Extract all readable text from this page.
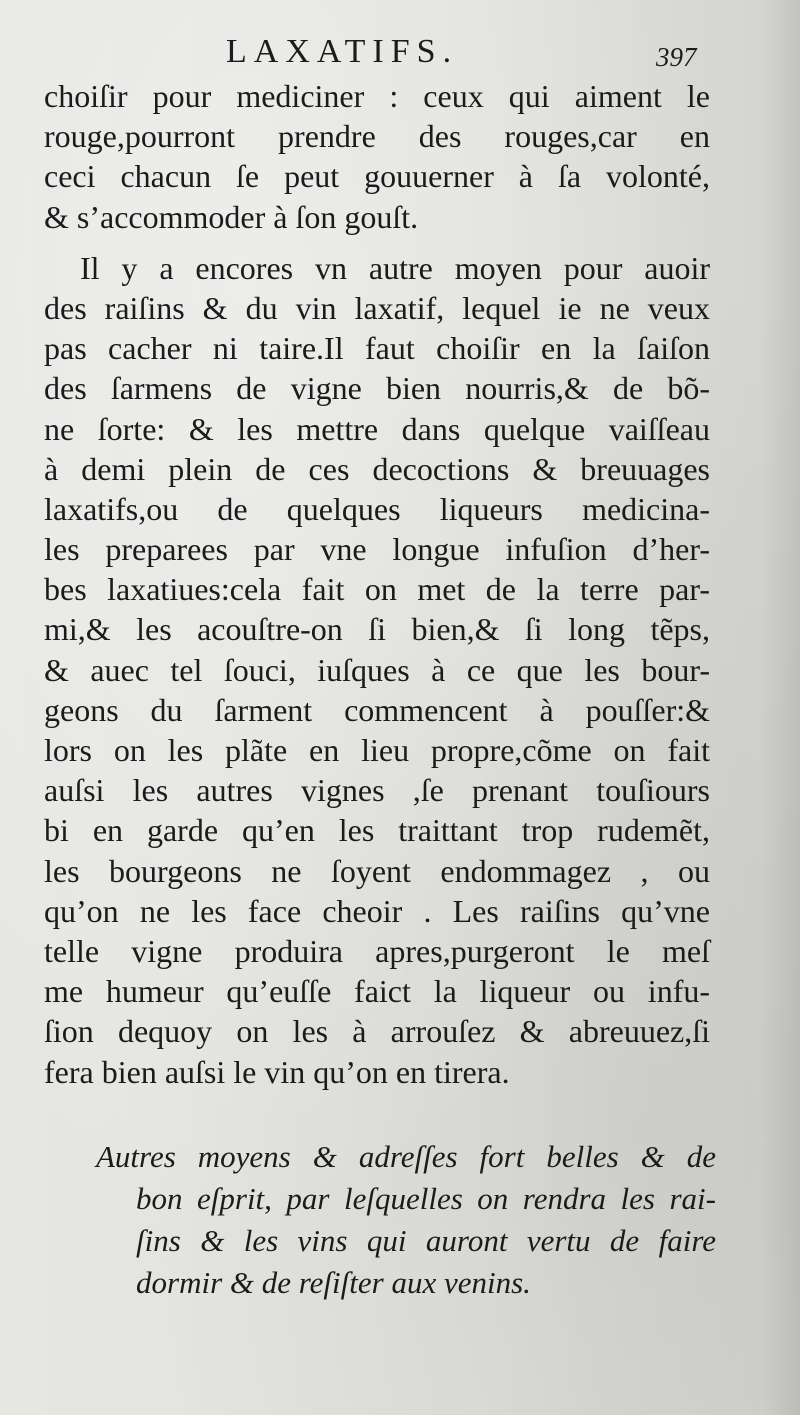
LAXATIFS.	397
choiſir pour mediciner : ceux qui aiment le
rouge,pourront prendre des rouges,car en
ceci chacun ſe peut gouuerner à ſa volonté,
& s’accommoder à ſon gouſt.
Il y a encores vn autre moyen pour auoir
des raiſins & du vin laxatif, lequel ie ne veux
pas cacher ni taire.Il faut choiſir en la ſaiſon
des ſarmens de vigne bien nourris,& de bõ-
ne ſorte: & les mettre dans quelque vaiſſeau
à demi plein de ces decoctions & breuuages
laxatifs,ou de quelques liqueurs medicina-
les preparees par vne longue infuſion d’her-
bes laxatiues:cela fait on met de la terre par-
mi,& les acouſtre-on ſi bien,& ſi long tẽps,
& auec tel ſouci, iuſques à ce que les bour-
geons du ſarment commencent à pouſſer:&
lors on les plãte en lieu propre,cõme on fait
auſsi les autres vignes ,ſe prenant touſiours
bi en garde qu’en les traittant trop rudemẽt,
les bourgeons ne ſoyent endommagez , ou
qu’on ne les face cheoir . Les raiſins qu’vne
telle vigne produira apres,purgeront le meſ
me humeur qu’euſſe faict la liqueur ou infu-
ſion dequoy on les à arrouſez & abreuuez,ſi
fera bien auſsi le vin qu’on en tirera.
Autres moyens & adreſſes fort belles & de
bon eſprit, par leſquelles on rendra les rai-
ſins & les vins qui auront vertu de faire
dormir & de reſiſter aux venins.
